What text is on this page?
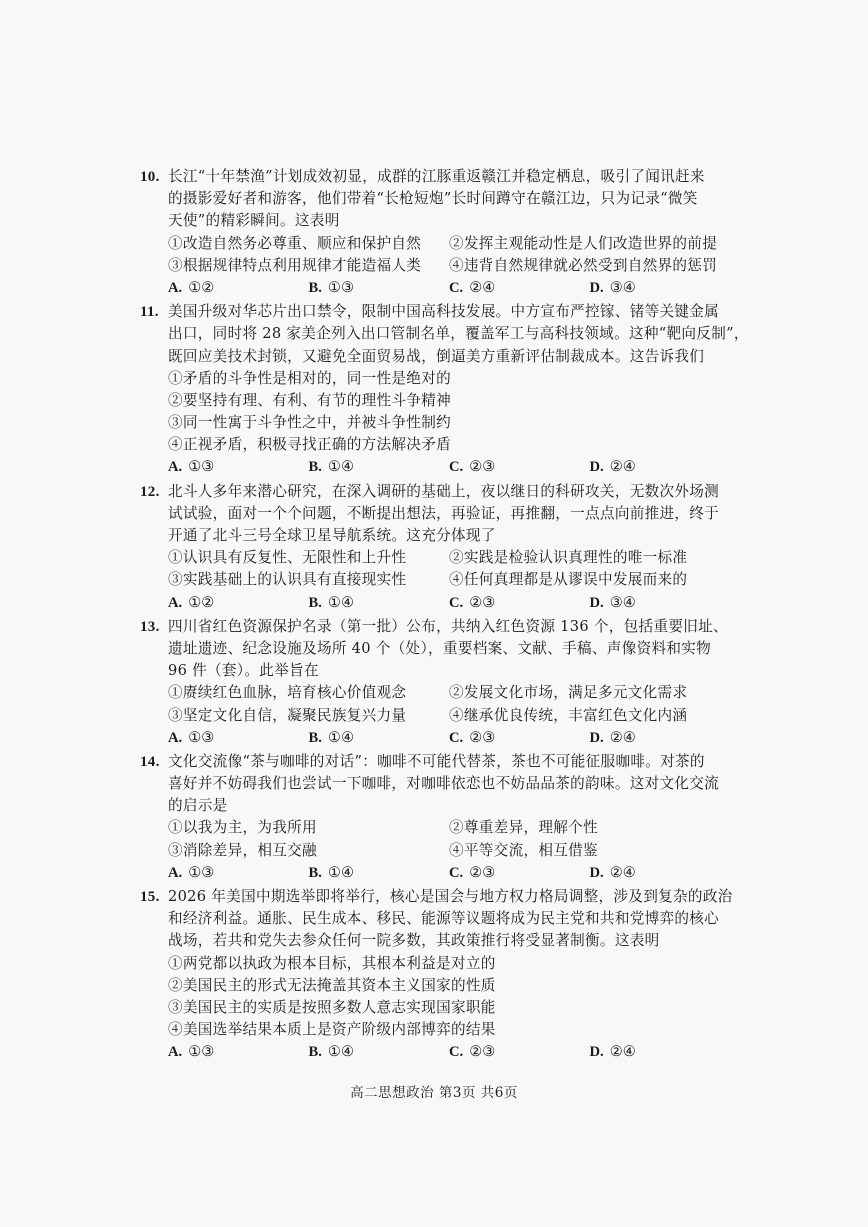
10. 长江“十年禁渔”计划成效初显，成群的江豚重返赣江并稳定栖息，吸引了闻讯赶来
的摄影爱好者和游客，他们带着“长枪短炮”长时间蹲守在赣江边，只为记录“微笑
天使”的精彩瞬间。这表明
①改造自然务必尊重、顺应和保护自然	②发挥主观能动性是人们改造世界的前提
③根据规律特点利用规律才能造福人类	④违背自然规律就必然受到自然界的惩罚
A. ①②	B. ①③	C. ②④	D. ③④
11. 美国升级对华芯片出口禁令，限制中国高科技发展。中方宣布严控镓、锗等关键金属
出口，同时将 28 家美企列入出口管制名单，覆盖军工与高科技领域。这种“靶向反制”，
既回应美技术封锁，又避免全面贸易战，倒逼美方重新评估制裁成本。这告诉我们
①矛盾的斗争性是相对的，同一性是绝对的
②要坚持有理、有利、有节的理性斗争精神
③同一性寓于斗争性之中，并被斗争性制约
④正视矛盾，积极寻找正确的方法解决矛盾
A. ①③	B. ①④	C. ②③	D. ②④
12. 北斗人多年来潜心研究，在深入调研的基础上，夜以继日的科研攻关，无数次外场测
试试验，面对一个个问题，不断提出想法，再验证，再推翻，一点点向前推进，终于
开通了北斗三号全球卫星导航系统。这充分体现了
①认识具有反复性、无限性和上升性	②实践是检验认识真理性的唯一标准
③实践基础上的认识具有直接现实性	④任何真理都是从谬误中发展而来的
A. ①②	B. ①④	C. ②③	D. ③④
13. 四川省红色资源保护名录（第一批）公布，共纳入红色资源 136 个，包括重要旧址、
遗址遗迹、纪念设施及场所 40 个（处），重要档案、文献、手稿、声像资料和实物
96 件（套）。此举旨在
①赓续红色血脉，培育核心价值观念	②发展文化市场，满足多元文化需求
③坚定文化自信，凝聚民族复兴力量	④继承优良传统，丰富红色文化内涵
A. ①③	B. ①④	C. ②③	D. ②④
14. 文化交流像“茶与咖啡的对话”：咖啡不可能代替茶，茶也不可能征服咖啡。对茶的
喜好并不妨碍我们也尝试一下咖啡，对咖啡依恋也不妨品品茶的韵味。这对文化交流
的启示是
①以我为主，为我所用	②尊重差异，理解个性
③消除差异，相互交融	④平等交流，相互借鉴
A. ①③	B. ①④	C. ②③	D. ②④
15. 2026 年美国中期选举即将举行，核心是国会与地方权力格局调整，涉及到复杂的政治
和经济利益。通胀、民生成本、移民、能源等议题将成为民主党和共和党博弈的核心
战场，若共和党失去参众任何一院多数，其政策推行将受显著制衡。这表明
①两党都以执政为根本目标，其根本利益是对立的
②美国民主的形式无法掩盖其资本主义国家的性质
③美国民主的实质是按照多数人意志实现国家职能
④美国选举结果本质上是资产阶级内部博弈的结果
A. ①③	B. ①④	C. ②③	D. ②④
高二思想政治 第3页 共6页
